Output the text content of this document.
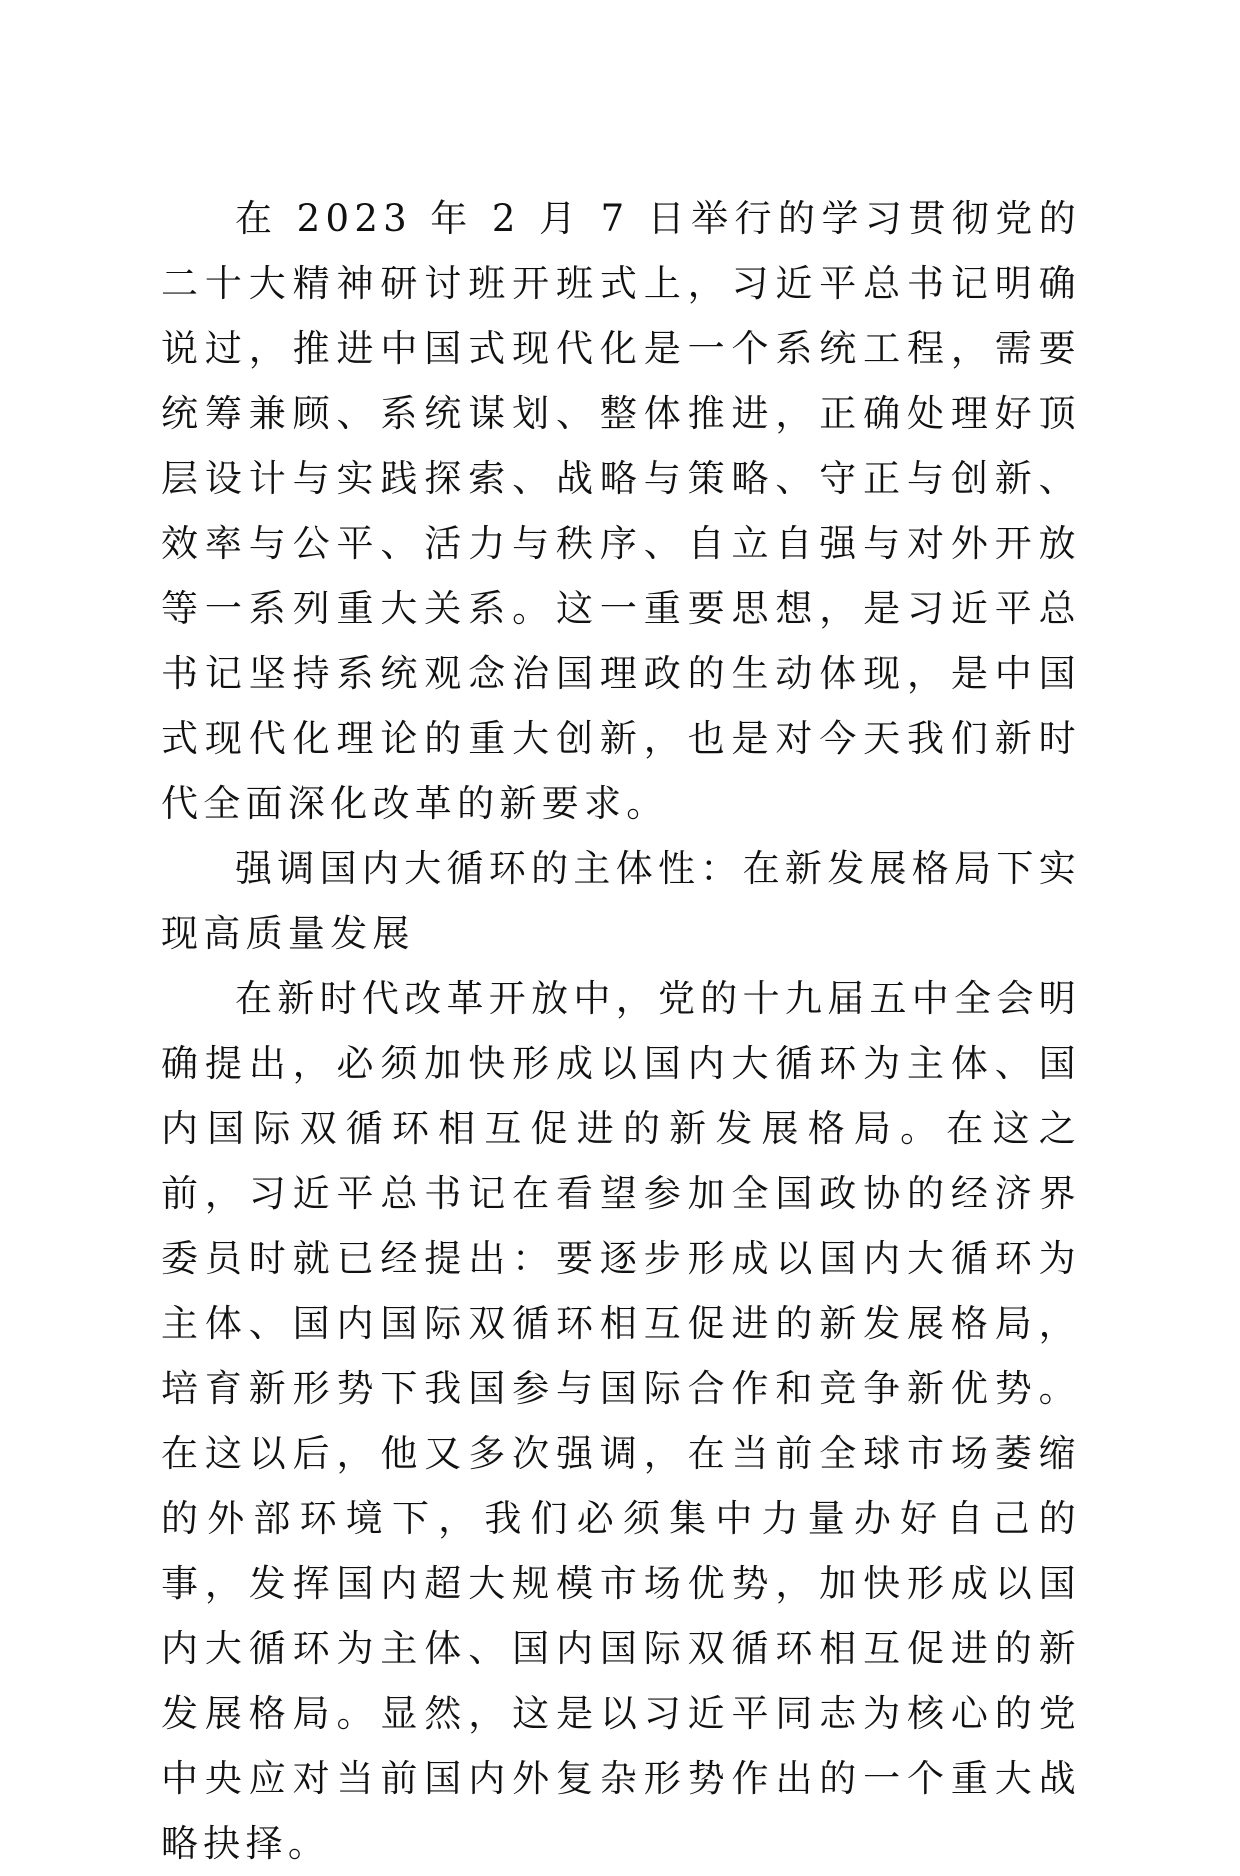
在 2023 年 2 月 7 日举行的学习贯彻党的二十大精神研讨班开班式上，习近平总书记明确说过，推进中国式现代化是一个系统工程，需要统筹兼顾、系统谋划、整体推进，正确处理好顶层设计与实践探索、战略与策略、守正与创新、效率与公平、活力与秩序、自立自强与对外开放等一系列重大关系。这一重要思想，是习近平总书记坚持系统观念治国理政的生动体现，是中国式现代化理论的重大创新，也是对今天我们新时代全面深化改革的新要求。

强调国内大循环的主体性：在新发展格局下实现高质量发展

在新时代改革开放中，党的十九届五中全会明确提出，必须加快形成以国内大循环为主体、国内国际双循环相互促进的新发展格局。在这之前，习近平总书记在看望参加全国政协的经济界委员时就已经提出：要逐步形成以国内大循环为主体、国内国际双循环相互促进的新发展格局，培育新形势下我国参与国际合作和竞争新优势。在这以后，他又多次强调，在当前全球市场萎缩的外部环境下，我们必须集中力量办好自己的事，发挥国内超大规模市场优势，加快形成以国内大循环为主体、国内国际双循环相互促进的新发展格局。显然，这是以习近平同志为核心的党中央应对当前国内外复杂形势作出的一个重大战略抉择。
